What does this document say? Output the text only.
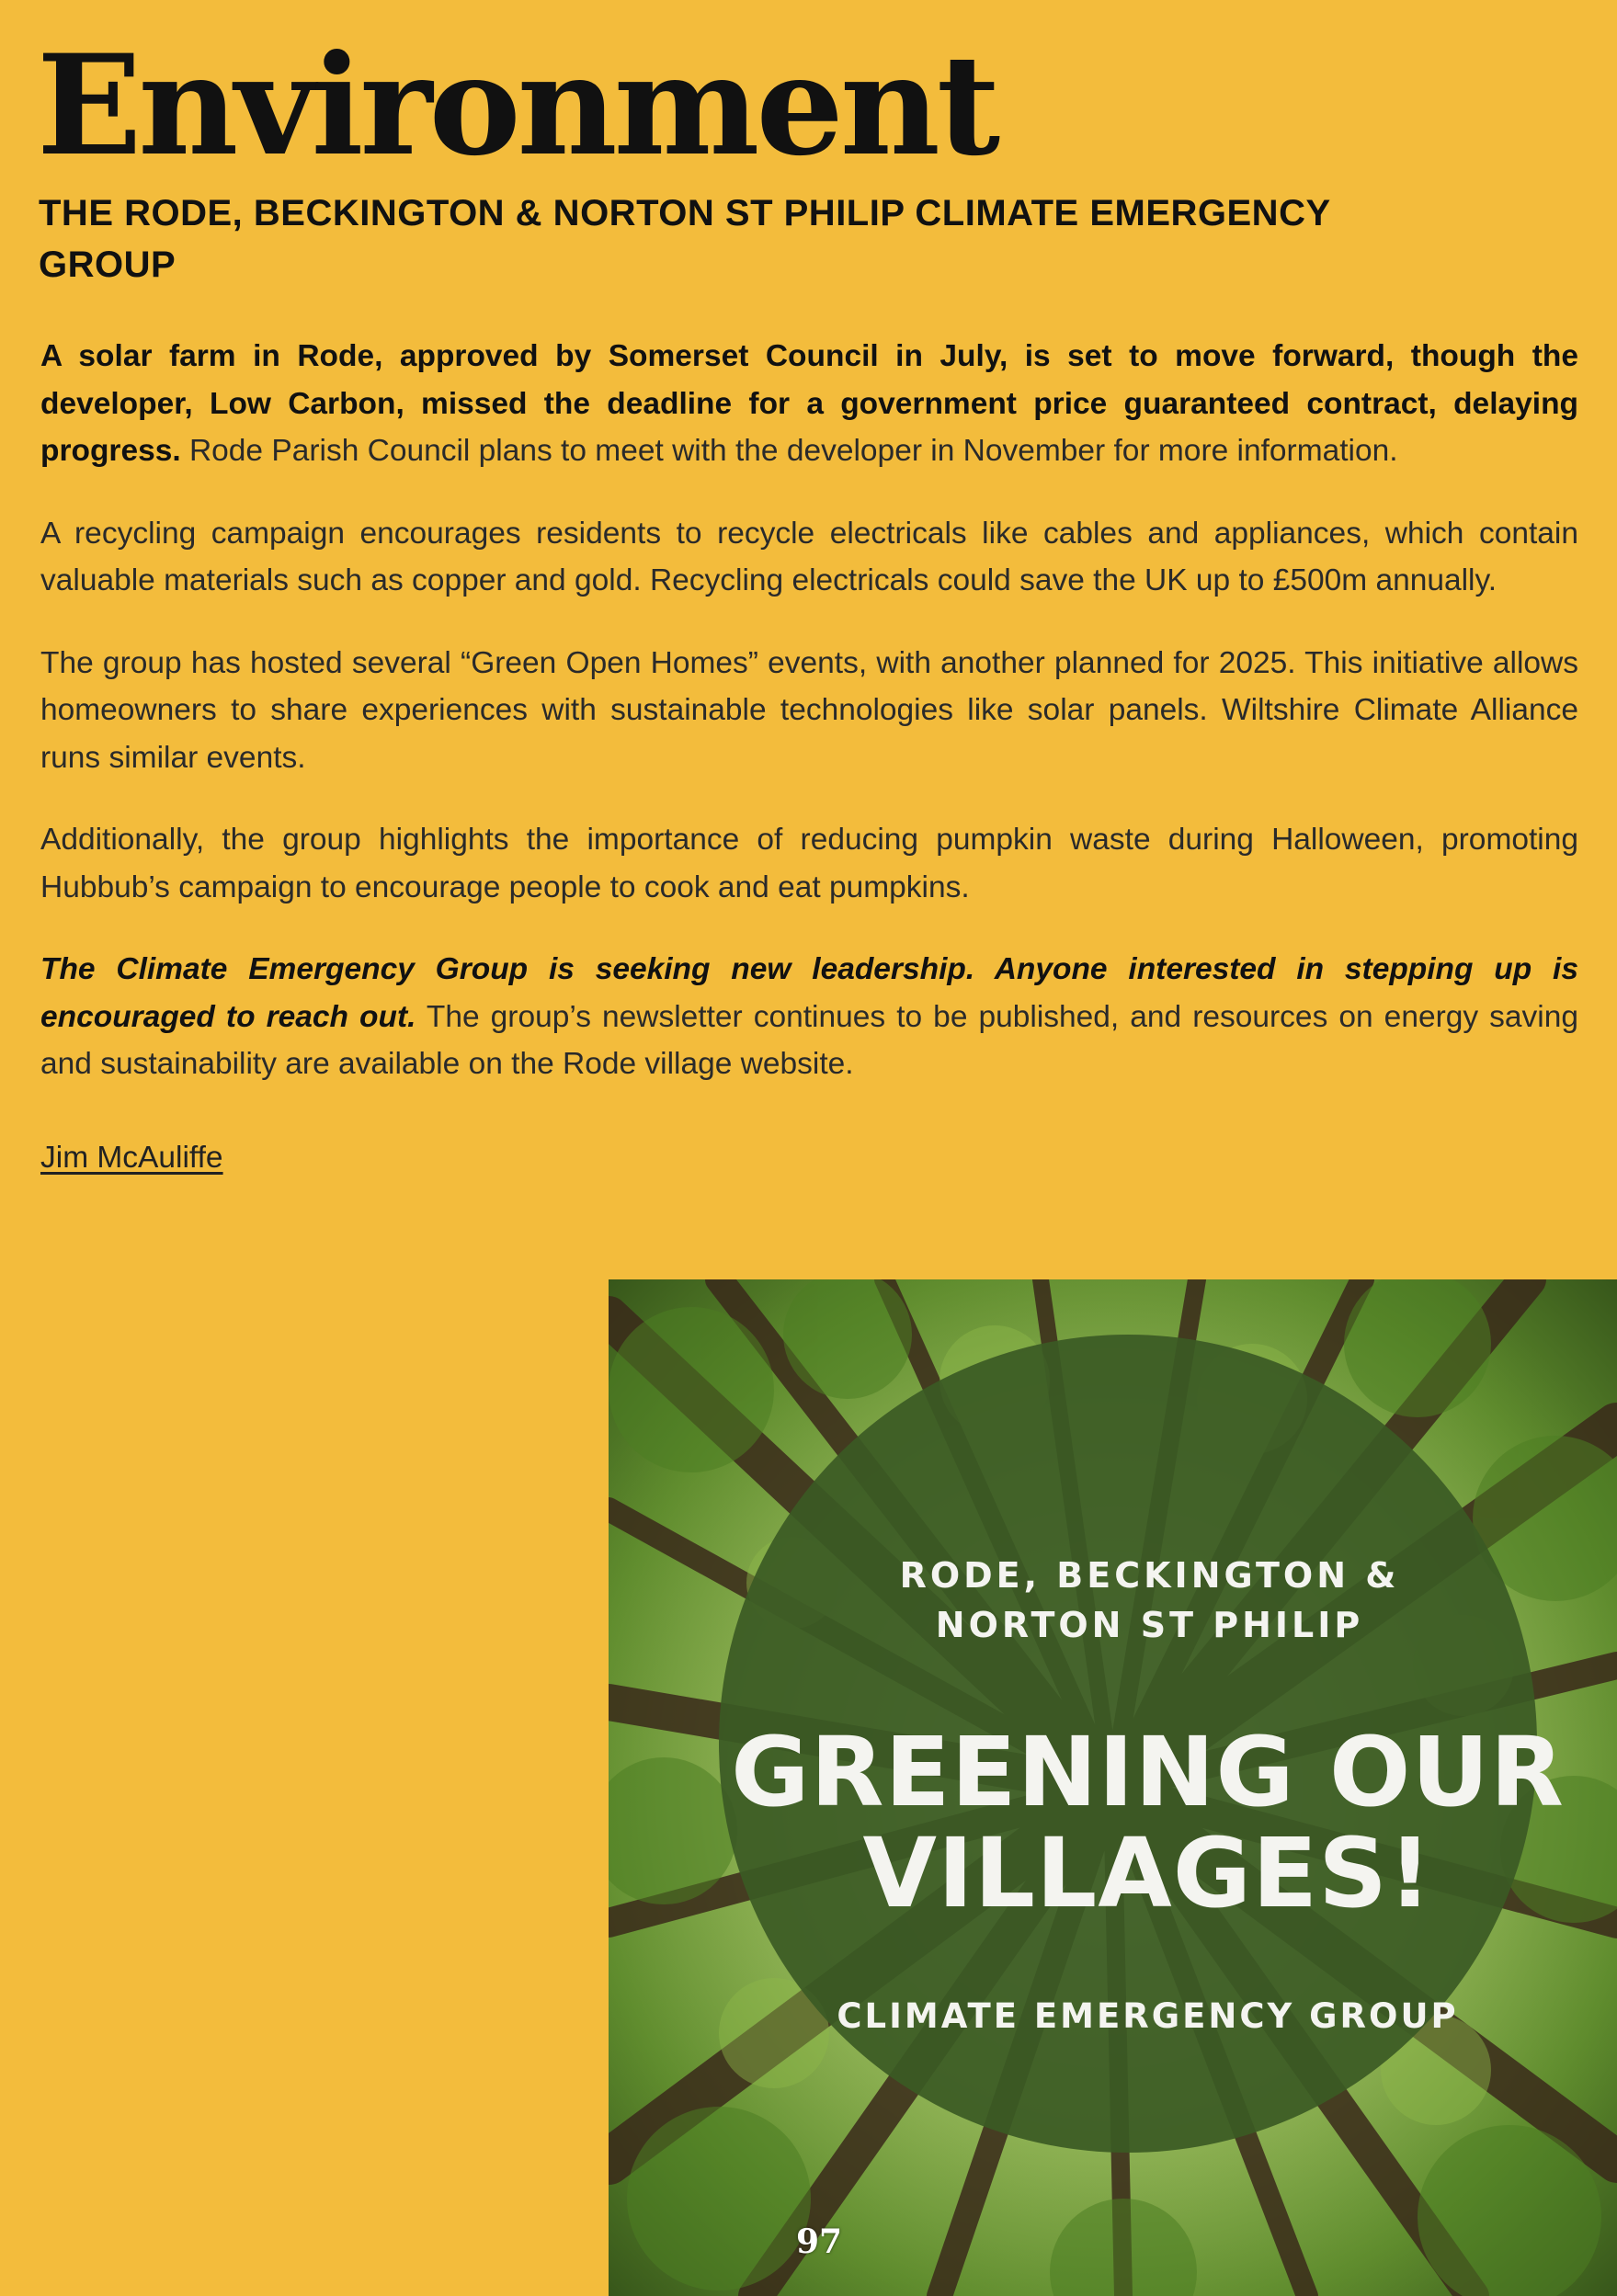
Environment
THE RODE, BECKINGTON & NORTON ST PHILIP CLIMATE EMERGENCY GROUP

A solar farm in Rode, approved by Somerset Council in July, is set to move forward, though the developer, Low Carbon, missed the deadline for a government price guaranteed contract, delaying progress. Rode Parish Council plans to meet with the developer in November for more information.

A recycling campaign encourages residents to recycle electricals like cables and appliances, which contain valuable materials such as copper and gold. Recycling electricals could save the UK up to £500m annually.

The group has hosted several “Green Open Homes” events, with another planned for 2025. This initiative allows homeowners to share experiences with sustainable technologies like solar panels. Wiltshire Climate Alliance runs similar events.

Additionally, the group highlights the importance of reducing pumpkin waste during Halloween, promoting Hubbub’s campaign to encourage people to cook and eat pumpkins.

The Climate Emergency Group is seeking new leadership. Anyone interested in stepping up is encouraged to reach out. The group’s newsletter continues to be published, and resources on energy saving and sustainability are available on the Rode village website.

Jim McAuliffe
RODE, BECKINGTON &
NORTON ST PHILIP
GREENING OUR
VILLAGES!
CLIMATE EMERGENCY GROUP
97
